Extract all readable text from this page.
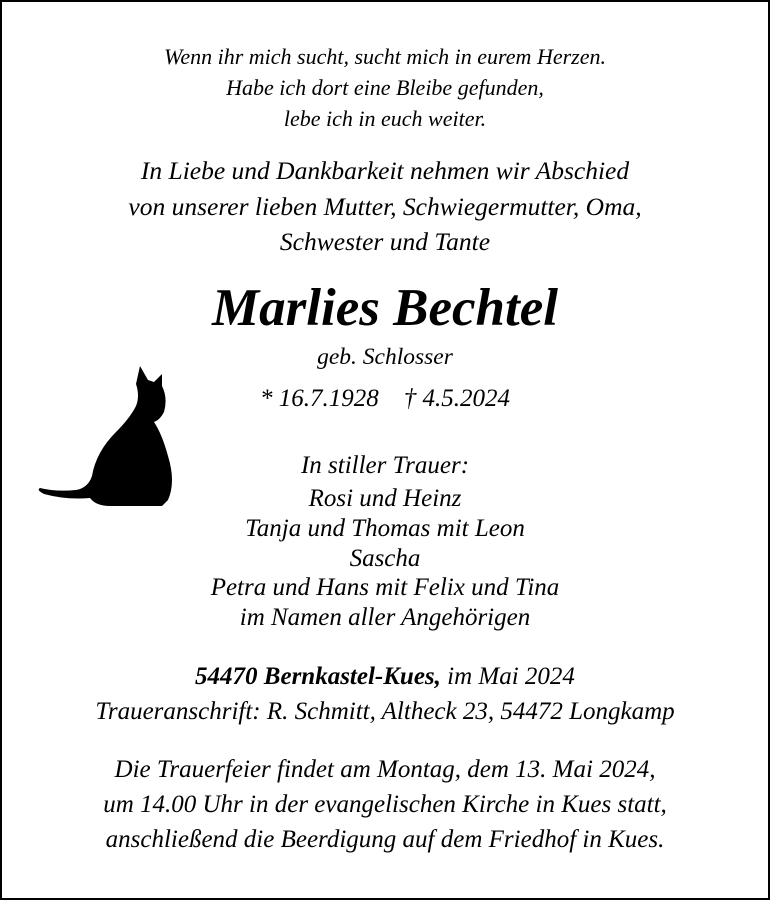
Wenn ihr mich sucht, sucht mich in eurem Herzen.
Habe ich dort eine Bleibe gefunden,
lebe ich in euch weiter.
In Liebe und Dankbarkeit nehmen wir Abschied
von unserer lieben Mutter, Schwiegermutter, Oma,
Schwester und Tante
Marlies Bechtel
geb. Schlosser
* 16.7.1928    † 4.5.2024
In stiller Trauer:
Rosi und Heinz
Tanja und Thomas mit Leon
Sascha
Petra und Hans mit Felix und Tina
im Namen aller Angehörigen
54470 Bernkastel-Kues, im Mai 2024
Traueranschrift: R. Schmitt, Altheck 23, 54472 Longkamp
Die Trauerfeier findet am Montag, dem 13. Mai 2024,
um 14.00 Uhr in der evangelischen Kirche in Kues statt,
anschließend die Beerdigung auf dem Friedhof in Kues.
